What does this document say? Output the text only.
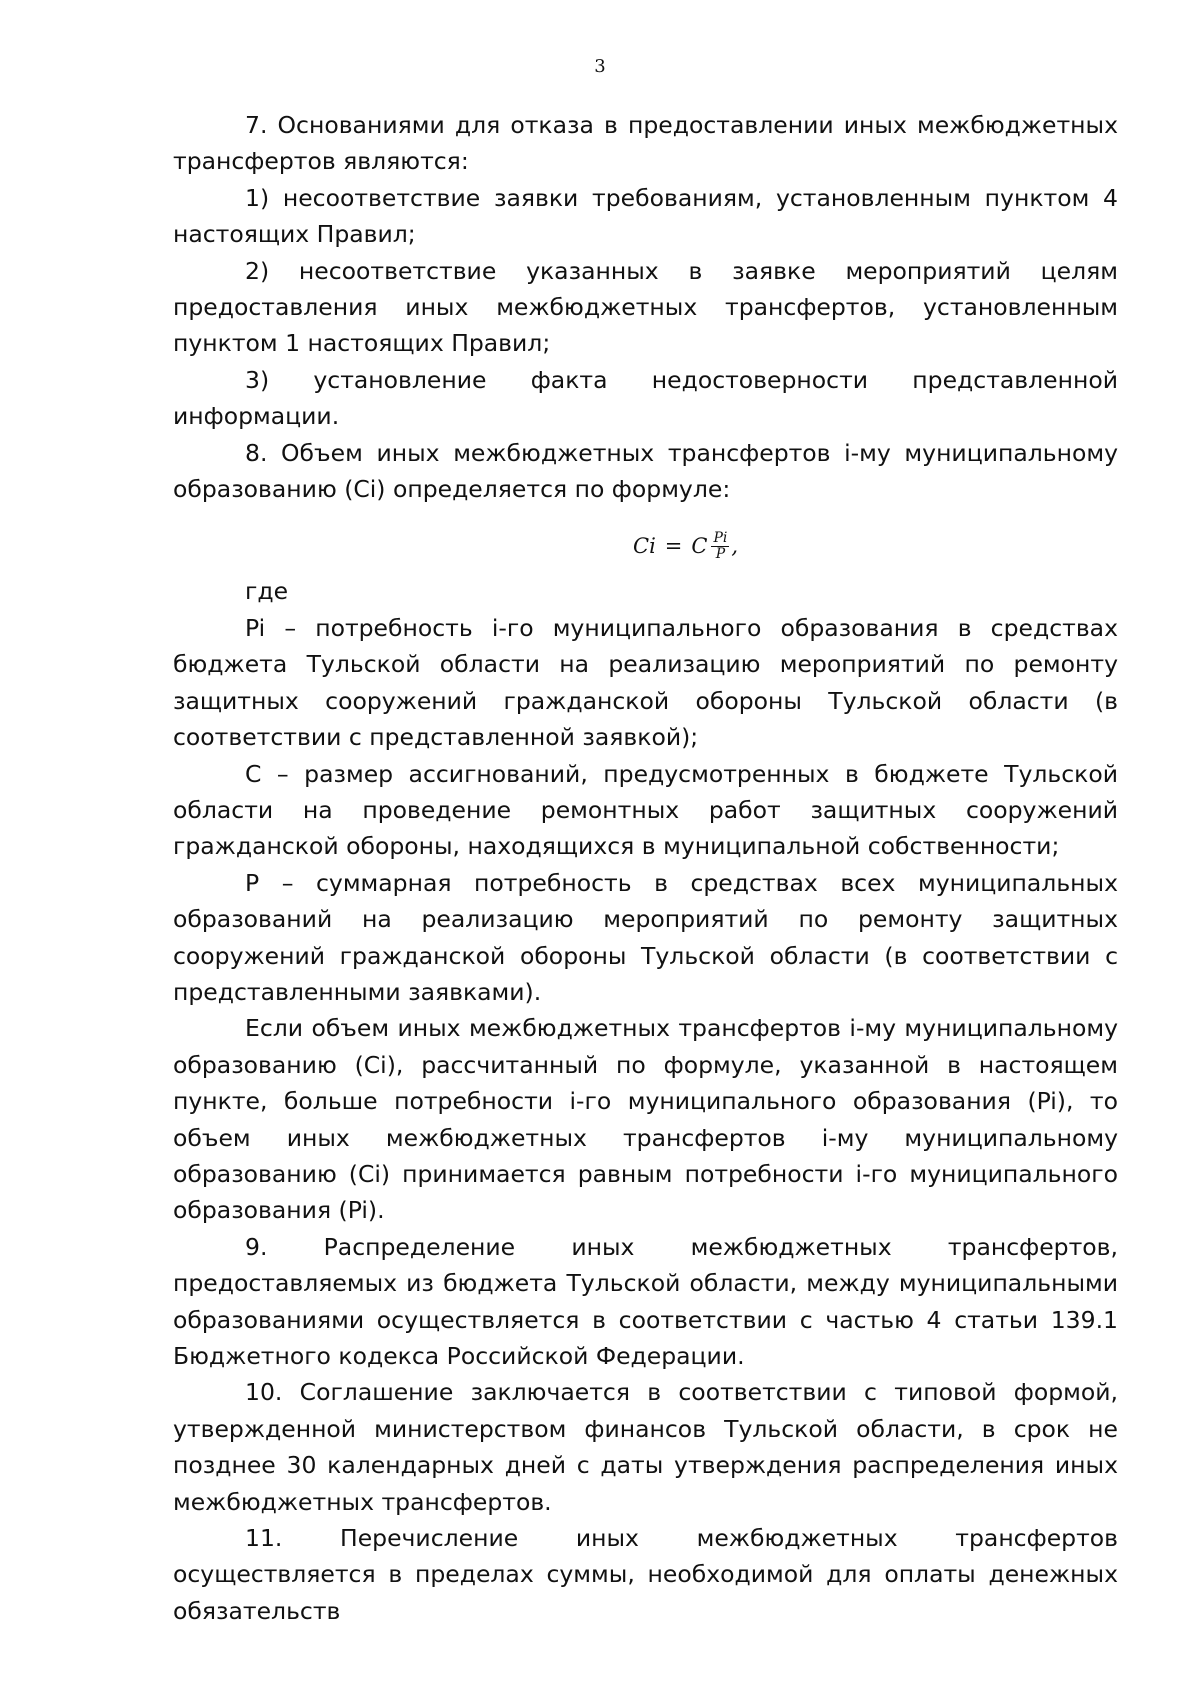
3

7. Основаниями для отказа в предоставлении иных межбюджетных трансфертов являются:

1) несоответствие заявки требованиям, установленным пунктом 4 настоящих Правил;

2) несоответствие указанных в заявке мероприятий целям предоставления иных межбюджетных трансфертов, установленным пунктом 1 настоящих Правил;

3) установление факта недостоверности представленной информации.

8. Объем иных межбюджетных трансфертов i-му муниципальному образованию (Ci) определяется по формуле:

Ci = C $\frac{Pi}{P}$ ,

где

Pi – потребность i-го муниципального образования в средствах бюджета Тульской области на реализацию мероприятий по ремонту защитных сооружений гражданской обороны Тульской области (в соответствии с представленной заявкой);

C – размер ассигнований, предусмотренных в бюджете Тульской области на проведение ремонтных работ защитных сооружений гражданской обороны, находящихся в муниципальной собственности;

P – суммарная потребность в средствах всех муниципальных образований на реализацию мероприятий по ремонту защитных сооружений гражданской обороны Тульской области (в соответствии с представленными заявками).

Если объем иных межбюджетных трансфертов i-му муниципальному образованию (Ci), рассчитанный по формуле, указанной в настоящем пункте, больше потребности i-го муниципального образования (Pi), то объем иных межбюджетных трансфертов i-му муниципальному образованию (Ci) принимается равным потребности i-го муниципального образования (Pi).

9. Распределение иных межбюджетных трансфертов, предоставляемых из бюджета Тульской области, между муниципальными образованиями осуществляется в соответствии с частью 4 статьи 139.1 Бюджетного кодекса Российской Федерации.

10. Соглашение заключается в соответствии с типовой формой, утвержденной министерством финансов Тульской области, в срок не позднее 30 календарных дней с даты утверждения распределения иных межбюджетных трансфертов.

11. Перечисление иных межбюджетных трансфертов осуществляется в пределах суммы, необходимой для оплаты денежных обязательств
